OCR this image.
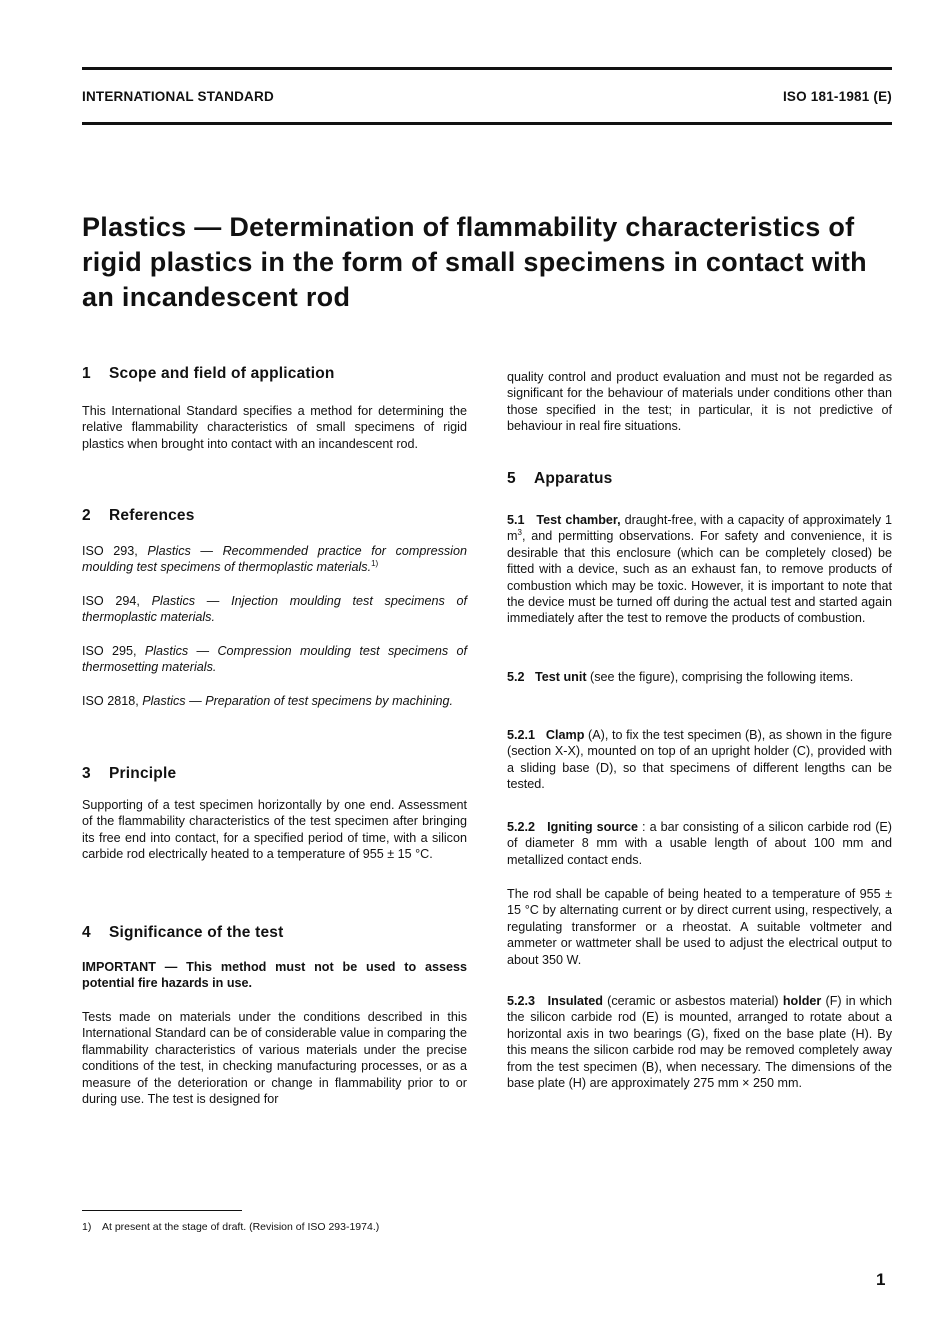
INTERNATIONAL STANDARD	ISO 181-1981 (E)
Plastics — Determination of flammability characteristics of rigid plastics in the form of small specimens in contact with an incandescent rod
1 Scope and field of application
This International Standard specifies a method for determining the relative flammability characteristics of small specimens of rigid plastics when brought into contact with an incandescent rod.
2 References
ISO 293, Plastics — Recommended practice for compression moulding test specimens of thermoplastic materials.$^{1)}$
ISO 294, Plastics — Injection moulding test specimens of thermoplastic materials.
ISO 295, Plastics — Compression moulding test specimens of thermosetting materials.
ISO 2818, Plastics — Preparation of test specimens by machining.
3 Principle
Supporting of a test specimen horizontally by one end. Assessment of the flammability characteristics of the test specimen after bringing its free end into contact, for a specified period of time, with a silicon carbide rod electrically heated to a temperature of 955 ± 15 °C.
4 Significance of the test
IMPORTANT — This method must not be used to assess potential fire hazards in use.
Tests made on materials under the conditions described in this International Standard can be of considerable value in comparing the flammability characteristics of various materials under the precise conditions of the test, in checking manufacturing processes, or as a measure of the deterioration or change in flammability prior to or during use. The test is designed for
quality control and product evaluation and must not be regarded as significant for the behaviour of materials under conditions other than those specified in the test; in particular, it is not predictive of behaviour in real fire situations.
5 Apparatus
5.1   Test chamber, draught-free, with a capacity of approximately 1 $m^3$, and permitting observations. For safety and convenience, it is desirable that this enclosure (which can be completely closed) be fitted with a device, such as an exhaust fan, to remove products of combustion which may be toxic. However, it is important to note that the device must be turned off during the actual test and started again immediately after the test to remove the products of combustion.
5.2   Test unit (see the figure), comprising the following items.
5.2.1   Clamp (A), to fix the test specimen (B), as shown in the figure (section X-X), mounted on top of an upright holder (C), provided with a sliding base (D), so that specimens of different lengths can be tested.
5.2.2   Igniting source : a bar consisting of a silicon carbide rod (E) of diameter 8 mm with a usable length of about 100 mm and metallized contact ends.
The rod shall be capable of being heated to a temperature of 955 ± 15 °C by alternating current or by direct current using, respectively, a regulating transformer or a rheostat. A suitable voltmeter and ammeter or wattmeter shall be used to adjust the electrical output to about 350 W.
5.2.3   Insulated (ceramic or asbestos material) holder (F) in which the silicon carbide rod (E) is mounted, arranged to rotate about a horizontal axis in two bearings (G), fixed on the base plate (H). By this means the silicon carbide rod may be removed completely away from the test specimen (B), when necessary. The dimensions of the base plate (H) are approximately 275 mm × 250 mm.
1) At present at the stage of draft. (Revision of ISO 293-1974.)
1
